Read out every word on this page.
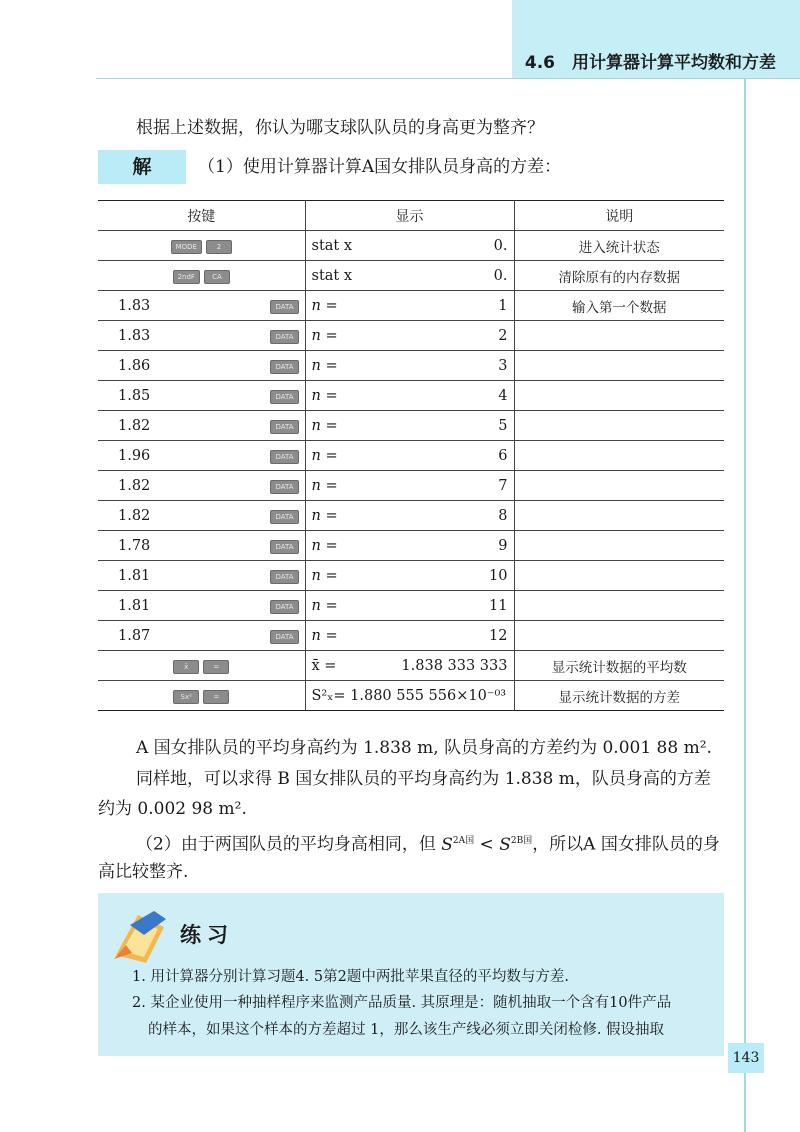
4.6　用计算器计算平均数和方差
根据上述数据，你认为哪支球队队员的身高更为整齐？
解	（1）使用计算器计算A国女排队员身高的方差：
按键	显示	说明

MODE 2	stat x 0.	进入统计状态

2ndF CA	stat x 0.	清除原有的内存数据

1.83 DATA	n = 1	输入第一个数据

1.83 DATA	n = 2	

1.86 DATA	n = 3	

1.85 DATA	n = 4	

1.82 DATA	n = 5	

1.96 DATA	n = 6	

1.82 DATA	n = 7	

1.82 DATA	n = 8	

1.78 DATA	n = 9	

1.81 DATA	n = 10	

1.81 DATA	n = 11	

1.87 DATA	n = 12	

x̄ =	x̄ = 1.838 333 333	显示统计数据的平均数

Sx² =	S²ₓ= 1.880 555 556×10⁻⁰³	显示统计数据的方差
A 国女排队员的平均身高约为 1.838 m, 队员身高的方差约为 0.001 88 m².
同样地，可以求得 B 国女排队员的平均身高约为 1.838 m，队员身高的方差
约为 0.002 98 m².
（2）由于两国队员的平均身高相同，但 $S^{2A国} < S^{2B国}$，所以A 国女排队员的身
高比较整齐.
练习
1. 用计算器分别计算习题4. 5第2题中两批苹果直径的平均数与方差.
2. 某企业使用一种抽样程序来监测产品质量. 其原理是：随机抽取一个含有10件产品
的样本，如果这个样本的方差超过 1，那么该生产线必须立即关闭检修. 假设抽取
143
